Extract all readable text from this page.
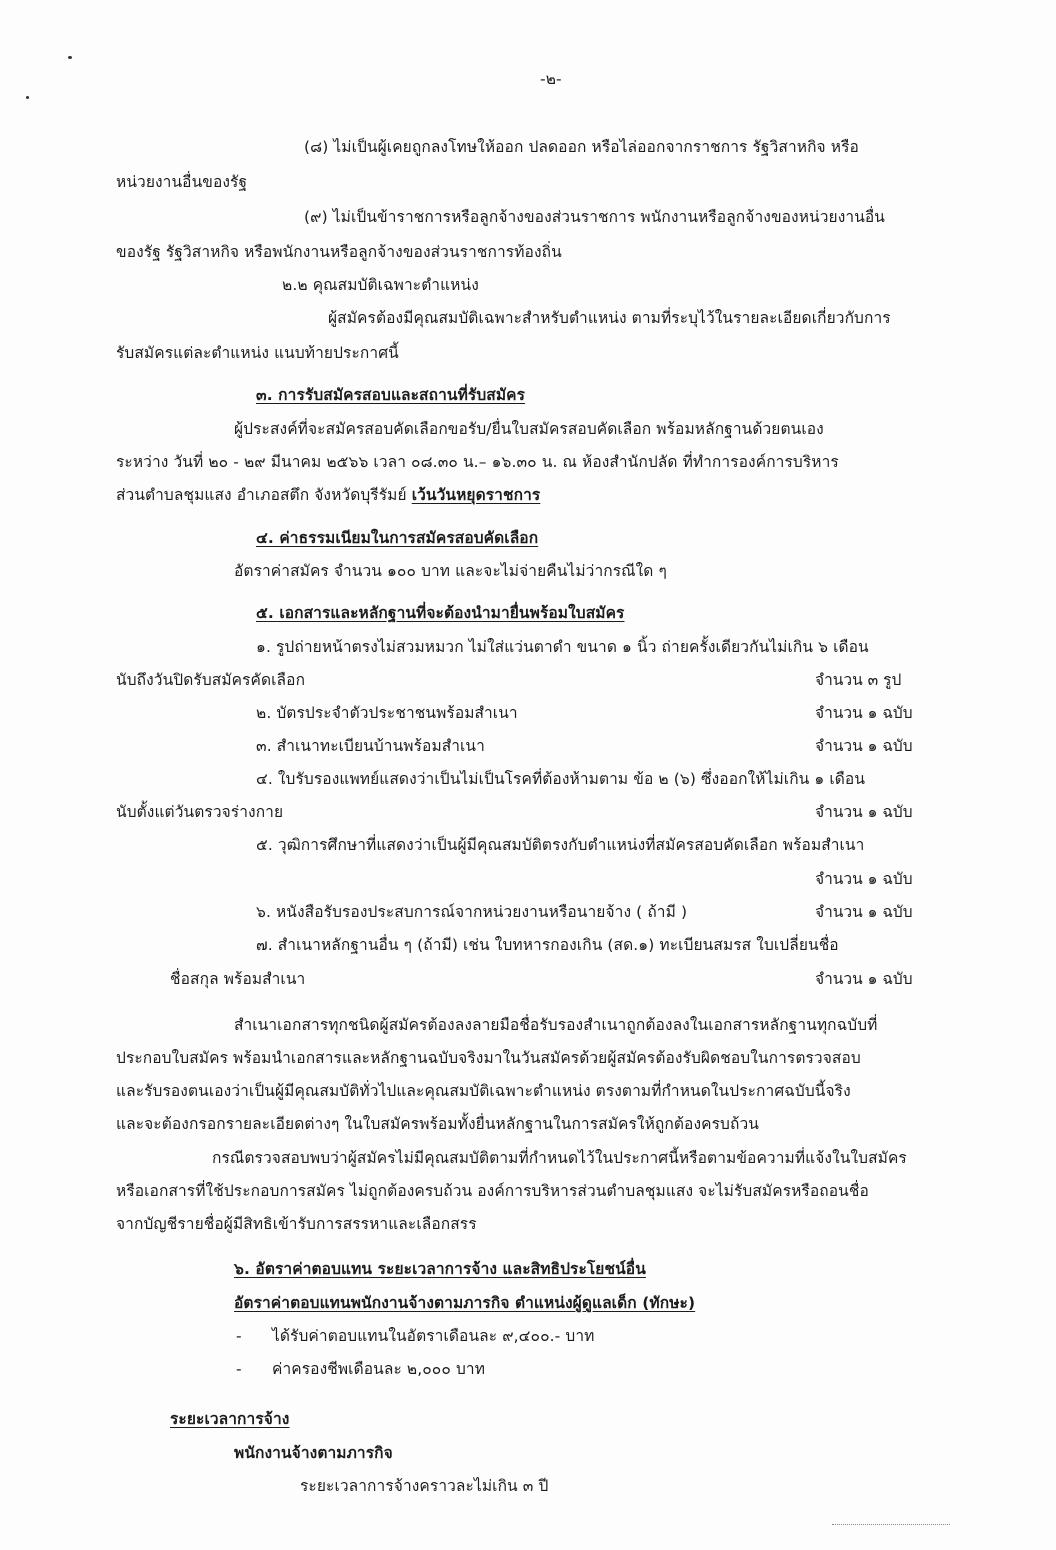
-๒-
(๘) ไม่เป็นผู้เคยถูกลงโทษให้ออก ปลดออก หรือไล่ออกจากราชการ รัฐวิสาหกิจ หรือ
หน่วยงานอื่นของรัฐ
(๙) ไม่เป็นข้าราชการหรือลูกจ้างของส่วนราชการ พนักงานหรือลูกจ้างของหน่วยงานอื่น
ของรัฐ รัฐวิสาหกิจ หรือพนักงานหรือลูกจ้างของส่วนราชการท้องถิ่น
๒.๒ คุณสมบัติเฉพาะตำแหน่ง
ผู้สมัครต้องมีคุณสมบัติเฉพาะสำหรับตำแหน่ง ตามที่ระบุไว้ในรายละเอียดเกี่ยวกับการ
รับสมัครแต่ละตำแหน่ง แนบท้ายประกาศนี้
๓. การรับสมัครสอบและสถานที่รับสมัคร
ผู้ประสงค์ที่จะสมัครสอบคัดเลือกขอรับ/ยื่นใบสมัครสอบคัดเลือก พร้อมหลักฐานด้วยตนเอง
ระหว่าง วันที่ ๒๐ - ๒๙ มีนาคม ๒๕๖๖ เวลา ๐๘.๓๐ น.– ๑๖.๓๐ น. ณ ห้องสำนักปลัด ที่ทำการองค์การบริหาร
ส่วนตำบลชุมแสง อำเภอสตึก จังหวัดบุรีรัมย์ เว้นวันหยุดราชการ
๔. ค่าธรรมเนียมในการสมัครสอบคัดเลือก
อัตราค่าสมัคร จำนวน ๑๐๐ บาท และจะไม่จ่ายคืนไม่ว่ากรณีใด ๆ
๕. เอกสารและหลักฐานที่จะต้องนำมายื่นพร้อมใบสมัคร
๑. รูปถ่ายหน้าตรงไม่สวมหมวก ไม่ใส่แว่นตาดำ ขนาด ๑ นิ้ว ถ่ายครั้งเดียวกันไม่เกิน ๖ เดือน
นับถึงวันปิดรับสมัครคัดเลือก	จำนวน ๓ รูป
๒. บัตรประจำตัวประชาชนพร้อมสำเนา	จำนวน ๑ ฉบับ
๓. สำเนาทะเบียนบ้านพร้อมสำเนา	จำนวน ๑ ฉบับ
๔. ใบรับรองแพทย์แสดงว่าเป็นไม่เป็นโรคที่ต้องห้ามตาม ข้อ ๒ (๖) ซึ่งออกให้ไม่เกิน ๑ เดือน
นับตั้งแต่วันตรวจร่างกาย	จำนวน ๑ ฉบับ
๕. วุฒิการศึกษาที่แสดงว่าเป็นผู้มีคุณสมบัติตรงกับตำแหน่งที่สมัครสอบคัดเลือก พร้อมสำเนา
จำนวน ๑ ฉบับ
๖. หนังสือรับรองประสบการณ์จากหน่วยงานหรือนายจ้าง ( ถ้ามี )	จำนวน ๑ ฉบับ
๗. สำเนาหลักฐานอื่น ๆ (ถ้ามี) เช่น ใบทหารกองเกิน (สด.๑) ทะเบียนสมรส ใบเปลี่ยนชื่อ
ชื่อสกุล พร้อมสำเนา	จำนวน ๑ ฉบับ
สำเนาเอกสารทุกชนิดผู้สมัครต้องลงลายมือชื่อรับรองสำเนาถูกต้องลงในเอกสารหลักฐานทุกฉบับที่
ประกอบใบสมัคร พร้อมนำเอกสารและหลักฐานฉบับจริงมาในวันสมัครด้วยผู้สมัครต้องรับผิดชอบในการตรวจสอบ
และรับรองตนเองว่าเป็นผู้มีคุณสมบัติทั่วไปและคุณสมบัติเฉพาะตำแหน่ง ตรงตามที่กำหนดในประกาศฉบับนี้จริง
และจะต้องกรอกรายละเอียดต่างๆ ในใบสมัครพร้อมทั้งยื่นหลักฐานในการสมัครให้ถูกต้องครบถ้วน
กรณีตรวจสอบพบว่าผู้สมัครไม่มีคุณสมบัติตามที่กำหนดไว้ในประกาศนี้หรือตามข้อความที่แจ้งในใบสมัคร
หรือเอกสารที่ใช้ประกอบการสมัคร ไม่ถูกต้องครบถ้วน องค์การบริหารส่วนตำบลชุมแสง จะไม่รับสมัครหรือถอนชื่อ
จากบัญชีรายชื่อผู้มีสิทธิเข้ารับการสรรหาและเลือกสรร
๖. อัตราค่าตอบแทน ระยะเวลาการจ้าง และสิทธิประโยชน์อื่น
อัตราค่าตอบแทนพนักงานจ้างตามภารกิจ ตำแหน่งผู้ดูแลเด็ก (ทักษะ)
- ได้รับค่าตอบแทนในอัตราเดือนละ ๙,๔๐๐.- บาท
- ค่าครองชีพเดือนละ ๒,๐๐๐ บาท
ระยะเวลาการจ้าง
พนักงานจ้างตามภารกิจ
ระยะเวลาการจ้างคราวละไม่เกิน ๓ ปี
